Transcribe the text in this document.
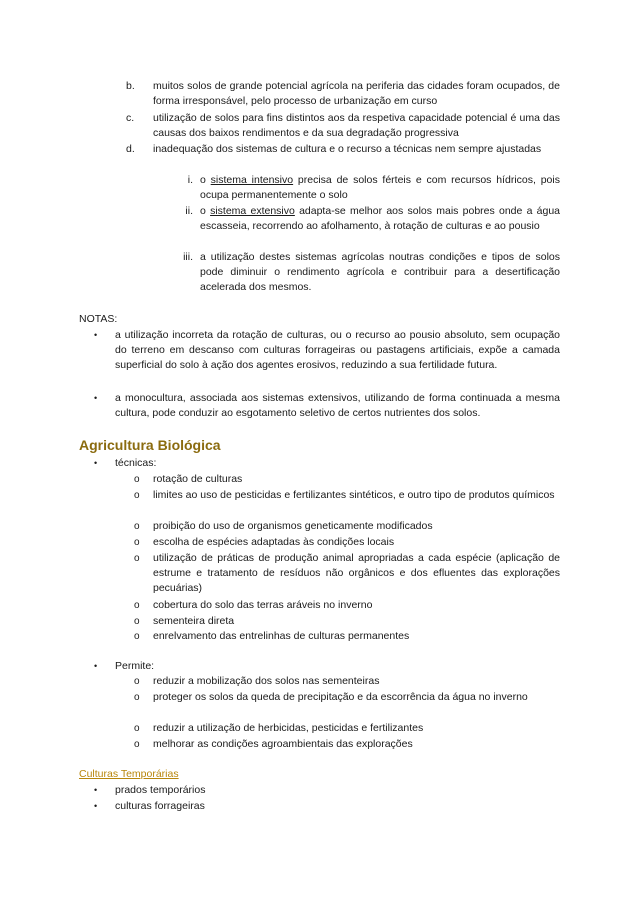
b.	muitos solos de grande potencial agrícola na periferia das cidades foram ocupados, de forma irresponsável, pelo processo de urbanização em curso
c.	utilização de solos para fins distintos aos da respetiva capacidade potencial é uma das causas dos baixos rendimentos e da sua degradação progressiva
d.	inadequação dos sistemas de cultura e o recurso a técnicas nem sempre ajustadas
i. o sistema intensivo precisa de solos férteis e com recursos hídricos, pois ocupa permanentemente o solo
ii. o sistema extensivo adapta-se melhor aos solos mais pobres onde a água escasseia, recorrendo ao afolhamento, à rotação de culturas e ao pousio
iii. a utilização destes sistemas agrícolas noutras condições e tipos de solos pode diminuir o rendimento agrícola e contribuir para a desertificação acelerada dos mesmos.

NOTAS:

•	a utilização incorreta da rotação de culturas, ou o recurso ao pousio absoluto, sem ocupação do terreno em descanso com culturas forrageiras ou pastagens artificiais, expõe a camada superficial do solo à ação dos agentes erosivos, reduzindo a sua fertilidade futura.
•	a monocultura, associada aos sistemas extensivos, utilizando de forma continuada a mesma cultura, pode conduzir ao esgotamento seletivo de certos nutrientes dos solos.
Agricultura Biológica
•	técnicas:
o	rotação de culturas
o	limites ao uso de pesticidas e fertilizantes sintéticos, e outro tipo de produtos químicos
o	proibição do uso de organismos geneticamente modificados
o	escolha de espécies adaptadas às condições locais
o	utilização de práticas de produção animal apropriadas a cada espécie (aplicação de estrume e tratamento de resíduos não orgânicos e dos efluentes das explorações pecuárias)
o	cobertura do solo das terras aráveis no inverno
o	sementeira direta
o	enrelvamento das entrelinhas de culturas permanentes
•	Permite:
o	reduzir a mobilização dos solos nas sementeiras
o	proteger os solos da queda de precipitação e da escorrência da água no inverno
o	reduzir a utilização de herbicidas, pesticidas e fertilizantes
o	melhorar as condições agroambientais das explorações

Culturas Temporárias

•	prados temporários
•	culturas forrageiras
